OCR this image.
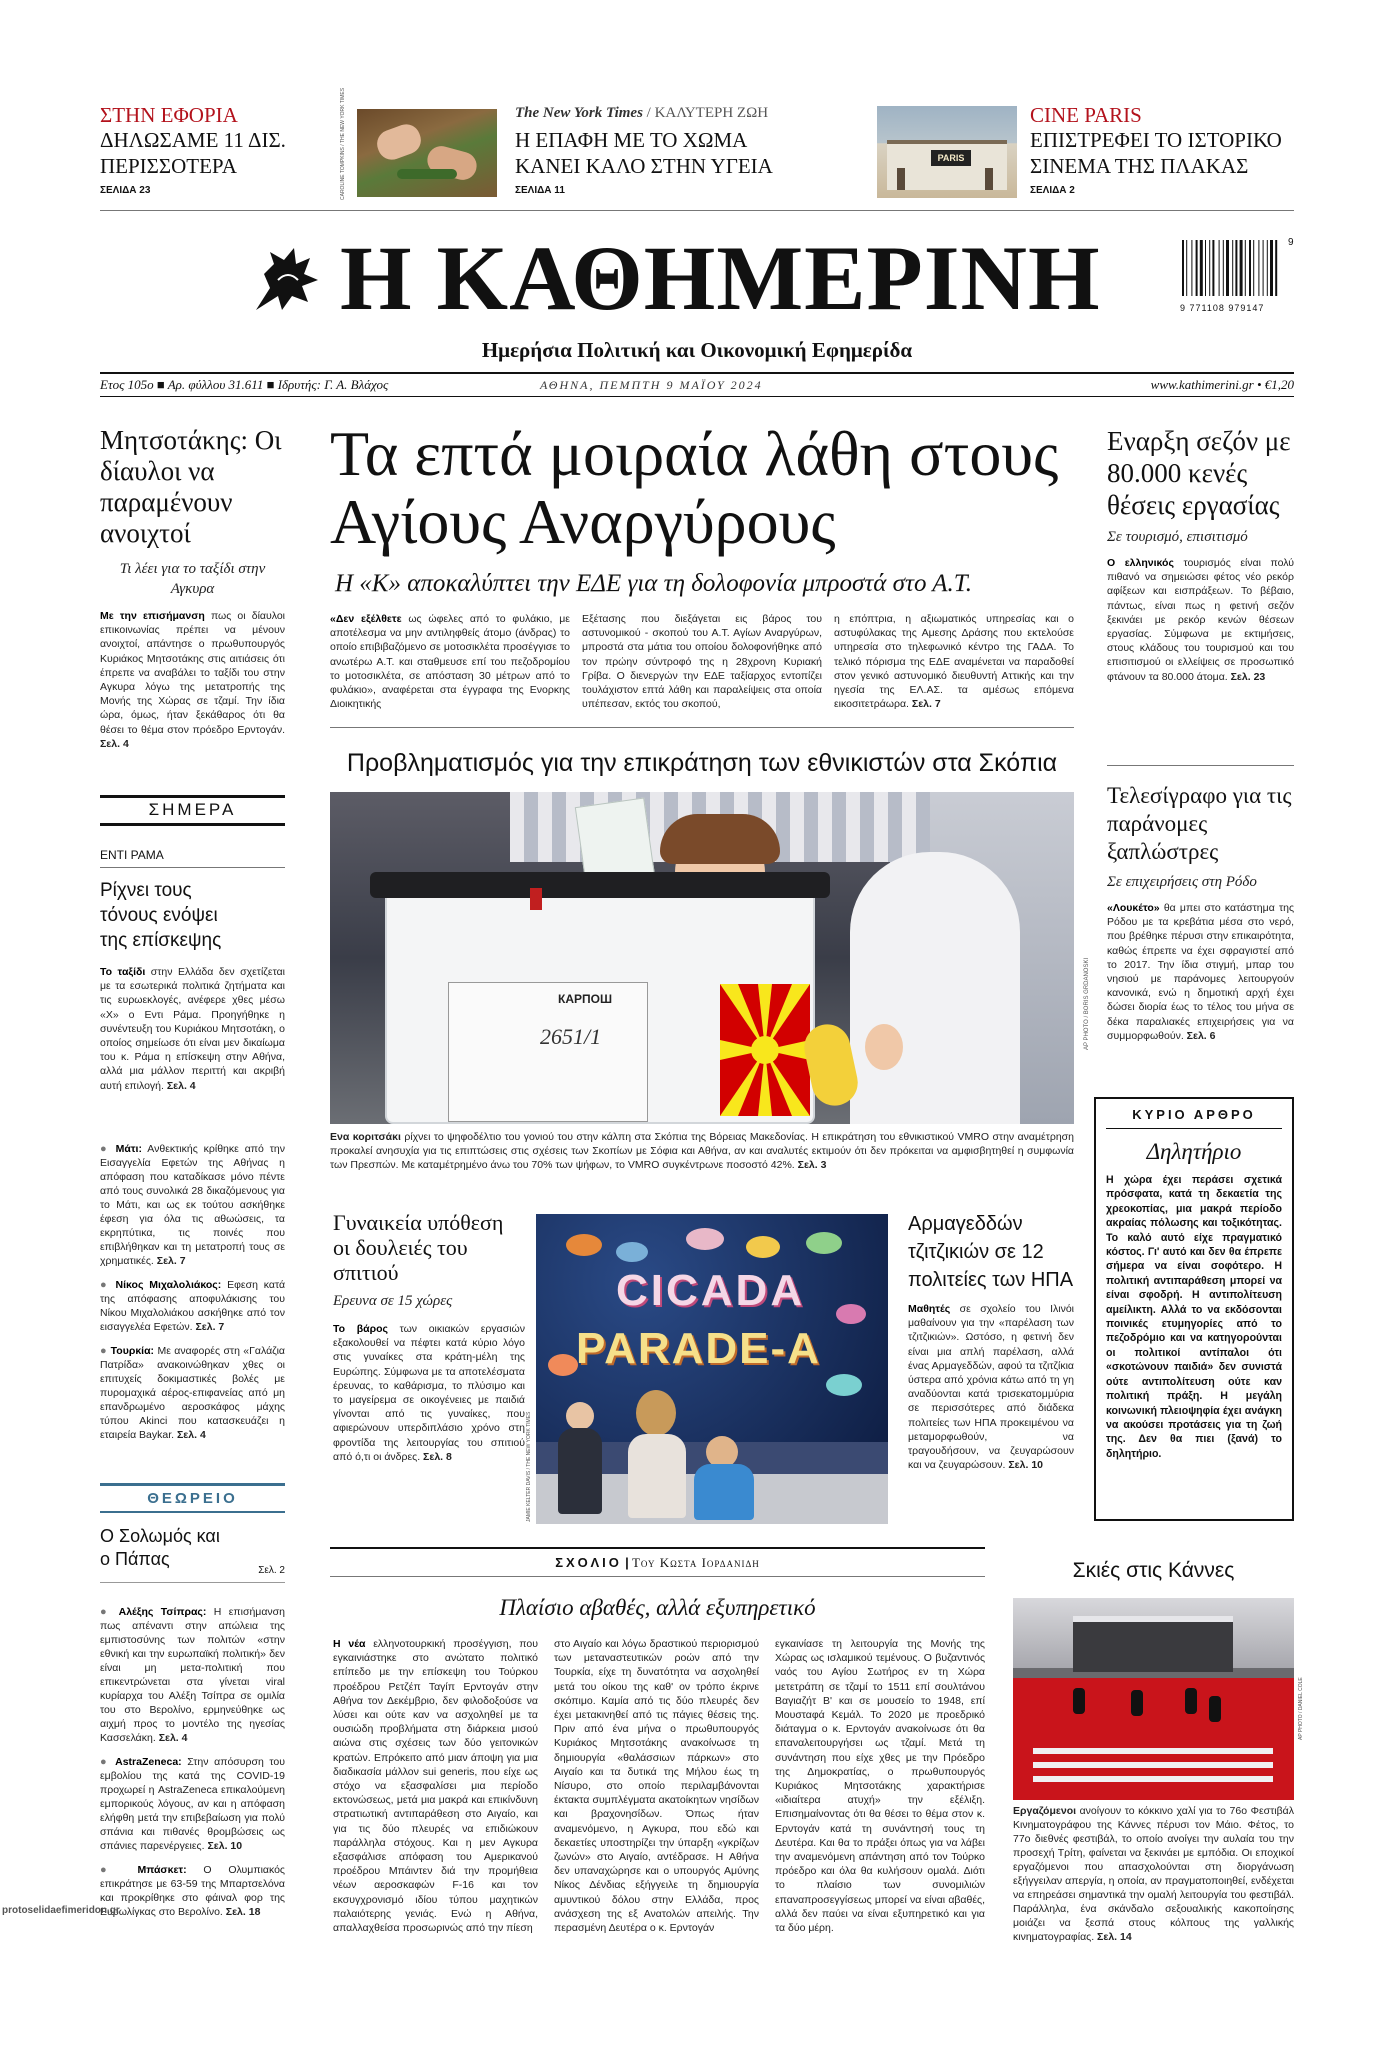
ΣΤΗΝ ΕΦΟΡΙΑ
ΔΗΛΩΣΑΜΕ 11 ΔΙΣ. ΠΕΡΙΣΣΟΤΕΡΑ
ΣΕΛΙΔΑ 23	CAROLINE TOMPKINS / THE NEW YORK TIMES	The New York Times / ΚΑΛΥΤΕΡΗ ΖΩΗ
Η ΕΠΑΦΗ ΜΕ ΤΟ ΧΩΜΑ ΚΑΝΕΙ ΚΑΛΟ ΣΤΗΝ ΥΓΕΙΑ
ΣΕΛΙΔΑ 11
PARIS
CINE PARIS
ΕΠΙΣΤΡΕΦΕΙ ΤΟ ΙΣΤΟΡΙΚΟ ΣΙΝΕΜΑ ΤΗΣ ΠΛΑΚΑΣ
ΣΕΛΙΔΑ 2
Η ΚΑΘΗΜΕΡΙΝΗ	9 771108 979147
9
Ημερήσια Πολιτική και Οικονομική Εφημερίδα
Ετος 105ο ■ Αρ. φύλλου 31.611 ■ Ιδρυτής: Γ. Α. Βλάχος	ΑΘΗΝΑ, ΠΕΜΠΤΗ 9 ΜΑΪΟΥ 2024	www.kathimerini.gr • €1,20
Μητσοτάκης: Οι δίαυλοι να παραμένουν ανοιχτοί
Τι λέει για το ταξίδι στην Αγκυρα
Με την επισήμανση πως οι δίαυλοι επικοινωνίας πρέπει να μένουν ανοιχτοί, απάντησε ο πρωθυπουργός Κυριάκος Μητσοτάκης στις αιτιάσεις ότι έπρεπε να αναβάλει το ταξίδι του στην Αγκυρα λόγω της μετατροπής της Μονής της Χώρας σε τζαμί. Την ίδια ώρα, όμως, ήταν ξεκάθαρος ότι θα θέσει το θέμα στον πρόεδρο Ερντογάν. Σελ. 4
ΣΗΜΕΡΑ
ΕΝΤΙ ΡΑΜΑ
Ρίχνει τους τόνους ενόψει της επίσκεψης
Το ταξίδι στην Ελλάδα δεν σχετίζεται με τα εσωτερικά πολιτικά ζητήματα και τις ευρωεκλογές, ανέφερε χθες μέσω «Χ» ο Εντι Ράμα. Προηγήθηκε η συνέντευξη του Κυριάκου Μητσοτάκη, ο οποίος σημείωσε ότι είναι μεν δικαίωμα του κ. Ράμα η επίσκεψη στην Αθήνα, αλλά μια μάλλον περιττή και ακριβή αυτή επιλογή. Σελ. 4
● Μάτι: Ανθεκτικής κρίθηκε από την Εισαγγελία Εφετών της Αθήνας η απόφαση που καταδίκασε μόνο πέντε από τους συνολικά 28 δικαζόμενους για το Μάτι, και ως εκ τούτου ασκήθηκε έφεση για όλα τις αθωώσεις, τα εκρηπύτικα, τις ποινές που επιβλήθηκαν και τη μετατροπή τους σε χρηματικές. Σελ. 7
● Νίκος Μιχαλολιάκος: Εφεση κατά της απόφασης αποφυλάκισης του Νίκου Μιχαλολιάκου ασκήθηκε από τον εισαγγελέα Εφετών. Σελ. 7
● Τουρκία: Με αναφορές στη «Γαλάζια Πατρίδα» ανακοινώθηκαν χθες οι επιτυχείς δοκιμαστικές βολές με πυρομαχικά αέρος-επιφανείας από μη επανδρωμένο αεροσκάφος μάχης τύπου Akinci που κατασκευάζει η εταιρεία Baykar. Σελ. 4
ΘΕΩΡΕΙΟ
Ο Σολωμός και ο Πάπας
Σελ. 2
● Αλέξης Τσίπρας: Η επισήμανση πως απέναντι στην απώλεια της εμπιστοσύνης των πολιτών «στην εθνική και την ευρωπαϊκή πολιτική» δεν είναι μη μετα-πολιτική που επικεντρώνεται στα γίνεται viral κυρίαρχα του Αλέξη Τσίπρα σε ομιλία του στο Βερολίνο, ερμηνεύθηκε ως αιχμή προς το μοντέλο της ηγεσίας Κασσελάκη. Σελ. 4
● AstraZeneca: Στην απόσυρση του εμβολίου της κατά της COVID-19 προχωρεί η AstraZeneca επικαλούμενη εμπορικούς λόγους, αν και η απόφαση ελήφθη μετά την επιβεβαίωση για πολύ σπάνια και πιθανές θρομβώσεις ως σπάνιες παρενέργειες. Σελ. 10
● Μπάσκετ: Ο Ολυμπιακός επικράτησε με 63-59 της Μπαρτσελόνα και προκρίθηκε στο φάιναλ φορ της Ευρωλίγκας στο Βερολίνο. Σελ. 18
protoselidaefimeridon.gr
Τα επτά μοιραία λάθη στους Αγίους Αναργύρους
Η «Κ» αποκαλύπτει την ΕΔΕ για τη δολοφονία μπροστά στο Α.Τ.
«Δεν εξέλθετε ως ώφελες από το φυλάκιο, με αποτέλεσμα να μην αντιληφθείς άτομο (άνδρας) το οποίο επιβιβαζόμενο σε μοτοσικλέτα προσέγγισε το ανωτέρω Α.Τ. και σταθμευσε επί του πεζοδρομίου το μοτοσικλέτα, σε απόσταση 30 μέτρων από το φυλάκιο», αναφέρεται στα έγγραφα της Ενορκης Διοικητικής
Εξέτασης που διεξάγεται εις βάρος του αστυνομικού - σκοπού του Α.Τ. Αγίων Αναργύρων, μπροστά στα μάτια του οποίου δολοφονήθηκε από τον πρώην σύντροφό της η 28χρονη Κυριακή Γρίβα. Ο διενεργών την ΕΔΕ ταξίαρχος εντοπίζει τουλάχιστον επτά λάθη και παραλείψεις στα οποία υπέπεσαν, εκτός του σκοπού,
η επόπτρια, η αξιωματικός υπηρεσίας και ο αστυφύλακας της Αμεσης Δράσης που εκτελούσε υπηρεσία στο τηλεφωνικό κέντρο της ΓΑΔΑ. Το τελικό πόρισμα της ΕΔΕ αναμένεται να παραδοθεί στον γενικό αστυνομικό διευθυντή Αττικής και την ηγεσία της ΕΛ.ΑΣ. τα αμέσως επόμενα εικοσιτετράωρα. Σελ. 7
Προβληματισμός για την επικράτηση των εθνικιστών στα Σκόπια
КАРПОШ
2651/1	ΑΡ ΡΗΟΤΟ / BORIS GRDANOSKI
Ενα κοριτσάκι ρίχνει το ψηφοδέλτιο του γονιού του στην κάλπη στα Σκόπια της Βόρειας Μακεδονίας. Η επικράτηση του εθνικιστικού VMRO στην αναμέτρηση προκαλεί ανησυχία για τις επιπτώσεις στις σχέσεις των Σκοπίων με Σόφια και Αθήνα, αν και αναλυτές εκτιμούν ότι δεν πρόκειται να αμφισβητηθεί η συμφωνία των Πρεσπών. Με καταμέτρημένο άνω του 70% των ψήφων, το VMRO συγκέντρωνε ποσοστό 42%. Σελ. 3
Γυναικεία υπόθεση οι δουλειές του σπιτιού
Ερευνα σε 15 χώρες
Το βάρος των οικιακών εργασιών εξακολουθεί να πέφτει κατά κύριο λόγο στις γυναίκες στα κράτη-μέλη της Ευρώπης. Σύμφωνα με τα αποτελέσματα έρευνας, το καθάρισμα, το πλύσιμο και το μαγείρεμα σε οικογένειες με παιδιά γίνονται από τις γυναίκες, που αφιερώνουν υπερδιπλάσιο χρόνο στη φροντίδα της λειτουργίας του σπιτιού από ό,τι οι άνδρες. Σελ. 8
CICADA
PARADE-A
JAMIE KELTER DAVIS / THE NEW YORK TIMES
Αρμαγεδδών τζιτζικιών σε 12 πολιτείες των ΗΠΑ
Μαθητές σε σχολείο του Ιλινόι μαθαίνουν για την «παρέλαση των τζιτζικιών». Ωστόσο, η φετινή δεν είναι μια απλή παρέλαση, αλλά ένας Αρμαγεδδών, αφού τα τζιτζίκια ύστερα από χρόνια κάτω από τη γη αναδύονται κατά τρισεκατομμύρια σε περισσότερες από διάδεκα πολιτείες των ΗΠΑ προκειμένου να μεταμορφωθούν, να τραγουδήσουν, να ζευγαρώσουν και να ζευγαρώσουν. Σελ. 10
ΣΧΟΛΙΟ | Του Κωστα Ιορδανιδη
Πλαίσιο αβαθές, αλλά εξυπηρετικό
Η νέα ελληνοτουρκική προσέγγιση, που εγκαινιάστηκε στο ανώτατο πολιτικό επίπεδο με την επίσκεψη του Τούρκου προέδρου Ρετζέπ Ταγίπ Ερντογάν στην Αθήνα τον Δεκέμβριο, δεν φιλοδοξούσε να λύσει και ούτε καν να ασχοληθεί με τα ουσιώδη προβλήματα στη διάρκεια μισού αιώνα στις σχέσεις των δύο γειτονικών κρατών. Επρόκειτο από μιαν άποψη για μια διαδικασία μάλλον sui generis, που είχε ως στόχο να εξασφαλίσει μια περίοδο εκτονώσεως, μετά μια μακρά και επικίνδυνη στρατιωτική αντιπαράθεση στο Αιγαίο, και για τις δύο πλευρές να επιδιώκουν παράλληλα στόχους. Και η μεν Αγκυρα εξασφάλισε απόφαση του Αμερικανού προέδρου Μπάιντεν διά την προμήθεια νέων αεροσκαφών F-16 και τον εκσυγχρονισμό ιδίου τύπου μαχητικών παλαιότερης γενιάς. Ενώ η Αθήνα, απαλλαχθείσα προσωρινώς από την πίεση
στο Αιγαίο και λόγω δραστικού περιορισμού των μεταναστευτικών ροών από την Τουρκία, είχε τη δυνατότητα να ασχοληθεί μετά του οίκου της καθ' ον τρόπο έκρινε σκόπιμο. Καμία από τις δύο πλευρές δεν έχει μετακινηθεί από τις πάγιες θέσεις της. Πριν από ένα μήνα ο πρωθυπουργός Κυριάκος Μητσοτάκης ανακοίνωσε τη δημιουργία «θαλάσσιων πάρκων» στο Αιγαίο και τα δυτικά της Μήλου έως τη Νίσυρο, στο οποίο περιλαμβάνονται έκτακτα συμπλέγματα ακατοίκητων νησίδων και βραχονησίδων. Όπως ήταν αναμενόμενο, η Αγκυρα, που εδώ και δεκαετίες υποστηρίζει την ύπαρξη «γκρίζων ζωνών» στο Αιγαίο, αντέδρασε. Η Αθήνα δεν υπαναχώρησε και ο υπουργός Αμύνης Νίκος Δένδιας εξήγγειλε τη δημιουργία αμυντικού δόλου στην Ελλάδα, προς ανάσχεση της εξ Ανατολών απειλής. Την περασμένη Δευτέρα ο κ. Ερντογάν
εγκαινίασε τη λειτουργία της Μονής της Χώρας ως ισλαμικού τεμένους. Ο βυζαντινός ναός του Αγίου Σωτήρος εν τη Χώρα μετετράπη σε τζαμί το 1511 επί σουλτάνου Βαγιαζήτ Β' και σε μουσείο το 1948, επί Μουσταφά Κεμάλ. Το 2020 με προεδρικό διάταγμα ο κ. Ερντογάν ανακοίνωσε ότι θα επαναλειτουργήσει ως τζαμί. Μετά τη συνάντηση που είχε χθες με την Πρόεδρο της Δημοκρατίας, ο πρωθυπουργός Κυριάκος Μητσοτάκης χαρακτήρισε «ιδιαίτερα ατυχή» την εξέλιξη. Επισημαίνοντας ότι θα θέσει το θέμα στον κ. Ερντογάν κατά τη συνάντησή τους τη Δευτέρα. Και θα το πράξει όπως για να λάβει την αναμενόμενη απάντηση από τον Τούρκο πρόεδρο και όλα θα κυλήσουν ομαλά. Διότι το πλαίσιο των συνομιλιών επαναπροσεγγίσεως μπορεί να είναι αβαθές, αλλά δεν παύει να είναι εξυπηρετικό και για τα δύο μέρη.
Εναρξη σεζόν με 80.000 κενές θέσεις εργασίας
Σε τουρισμό, επισιτισμό
Ο ελληνικός τουρισμός είναι πολύ πιθανό να σημειώσει φέτος νέο ρεκόρ αφίξεων και εισπράξεων. Το βέβαιο, πάντως, είναι πως η φετινή σεζόν ξεκινάει με ρεκόρ κενών θέσεων εργασίας. Σύμφωνα με εκτιμήσεις, στους κλάδους του τουρισμού και του επισιτισμού οι ελλείψεις σε προσωπικό φτάνουν τα 80.000 άτομα. Σελ. 23
Τελεσίγραφο για τις παράνομες ξαπλώστρες
Σε επιχειρήσεις στη Ρόδο
«Λουκέτο» θα μπει στο κατάστημα της Ρόδου με τα κρεβάτια μέσα στο νερό, που βρέθηκε πέρυσι στην επικαιρότητα, καθώς έπρεπε να έχει σφραγιστεί από το 2017. Την ίδια στιγμή, μπαρ του νησιού με παράνομες λειτουργούν κανονικά, ενώ η δημοτική αρχή έχει δώσει διορία έως το τέλος του μήνα σε δέκα παραλιακές επιχειρήσεις για να συμμορφωθούν. Σελ. 6
ΚΥΡΙΟ ΑΡΘΡΟ
Δηλητήριο
Η χώρα έχει περάσει σχετικά πρόσφατα, κατά τη δεκαετία της χρεοκοπίας, μια μακρά περίοδο ακραίας πόλωσης και τοξικότητας. Το καλό αυτό είχε πραγματικό κόστος. Γι' αυτό και δεν θα έπρεπε σήμερα να είναι σοφότερο. Η πολιτική αντιπαράθεση μπορεί να είναι σφοδρή. Η αντιπολίτευση αμείλικτη. Αλλά το να εκδόσονται ποινικές ετυμηγορίες από το πεζοδρόμιο και να κατηγορούνται οι πολιτικοί αντίπαλοι ότι «σκοτώνουν παιδιά» δεν συνιστά ούτε αντιπολίτευση ούτε καν πολιτική πράξη. Η μεγάλη κοινωνική πλειοψηφία έχει ανάγκη να ακούσει προτάσεις για τη ζωή της. Δεν θα πιει (ξανά) το δηλητήριο.
Σκιές στις Κάννες
AP PHOTO / DANIEL COLE
Εργαζόμενοι ανοίγουν το κόκκινο χαλί για το 76ο Φεστιβάλ Κινηματογράφου της Κάννες πέρυσι τον Μάιο. Φέτος, το 77ο διεθνές φεστιβάλ, το οποίο ανοίγει την αυλαία του την προσεχή Τρίτη, φαίνεται να ξεκινάει με εμπόδια. Οι εποχικοί εργαζόμενοι που απασχολούνται στη διοργάνωση εξήγγειλαν απεργία, η οποία, αν πραγματοποιηθεί, ενδέχεται να επηρεάσει σημαντικά την ομαλή λειτουργία του φεστιβάλ. Παράλληλα, ένα σκάνδαλο σεξουαλικής κακοποίησης μοιάζει να ξεσπά στους κόλπους της γαλλικής κινηματογραφίας. Σελ. 14
